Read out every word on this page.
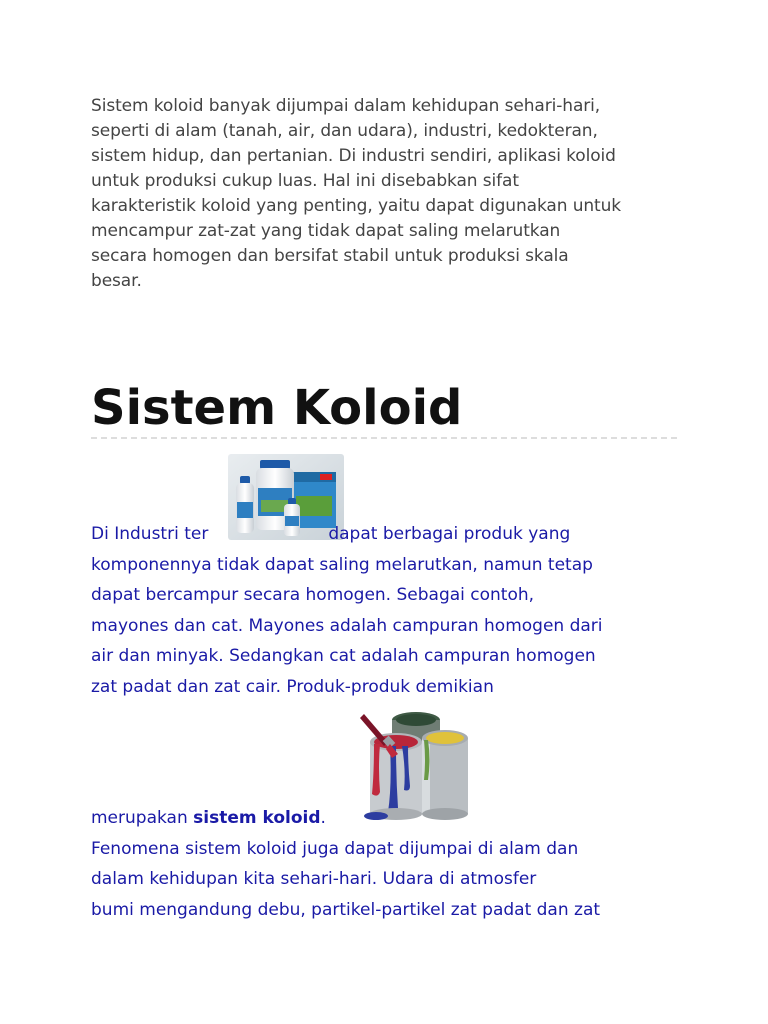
Sistem koloid banyak dijumpai dalam kehidupan sehari-hari,
seperti di alam (tanah, air, dan udara), industri, kedokteran,
sistem hidup, dan pertanian. Di industri sendiri, aplikasi koloid
untuk produksi cukup luas. Hal ini disebabkan sifat
karakteristik koloid yang penting, yaitu dapat digunakan untuk
mencampur zat-zat yang tidak dapat saling melarutkan
secara homogen dan bersifat stabil untuk produksi skala
besar.
Sistem Koloid
Di Industri ter	dapat berbagai produk yang
komponennya tidak dapat saling melarutkan, namun tetap
dapat bercampur secara homogen. Sebagai contoh,
mayones dan cat. Mayones adalah campuran homogen dari
air dan minyak. Sedangkan cat adalah campuran homogen
zat padat dan zat cair. Produk-produk demikian
merupakan sistem koloid.
Fenomena sistem koloid juga dapat dijumpai di alam dan
dalam kehidupan kita sehari-hari. Udara di atmosfer
bumi mengandung debu, partikel-partikel zat padat dan zat
